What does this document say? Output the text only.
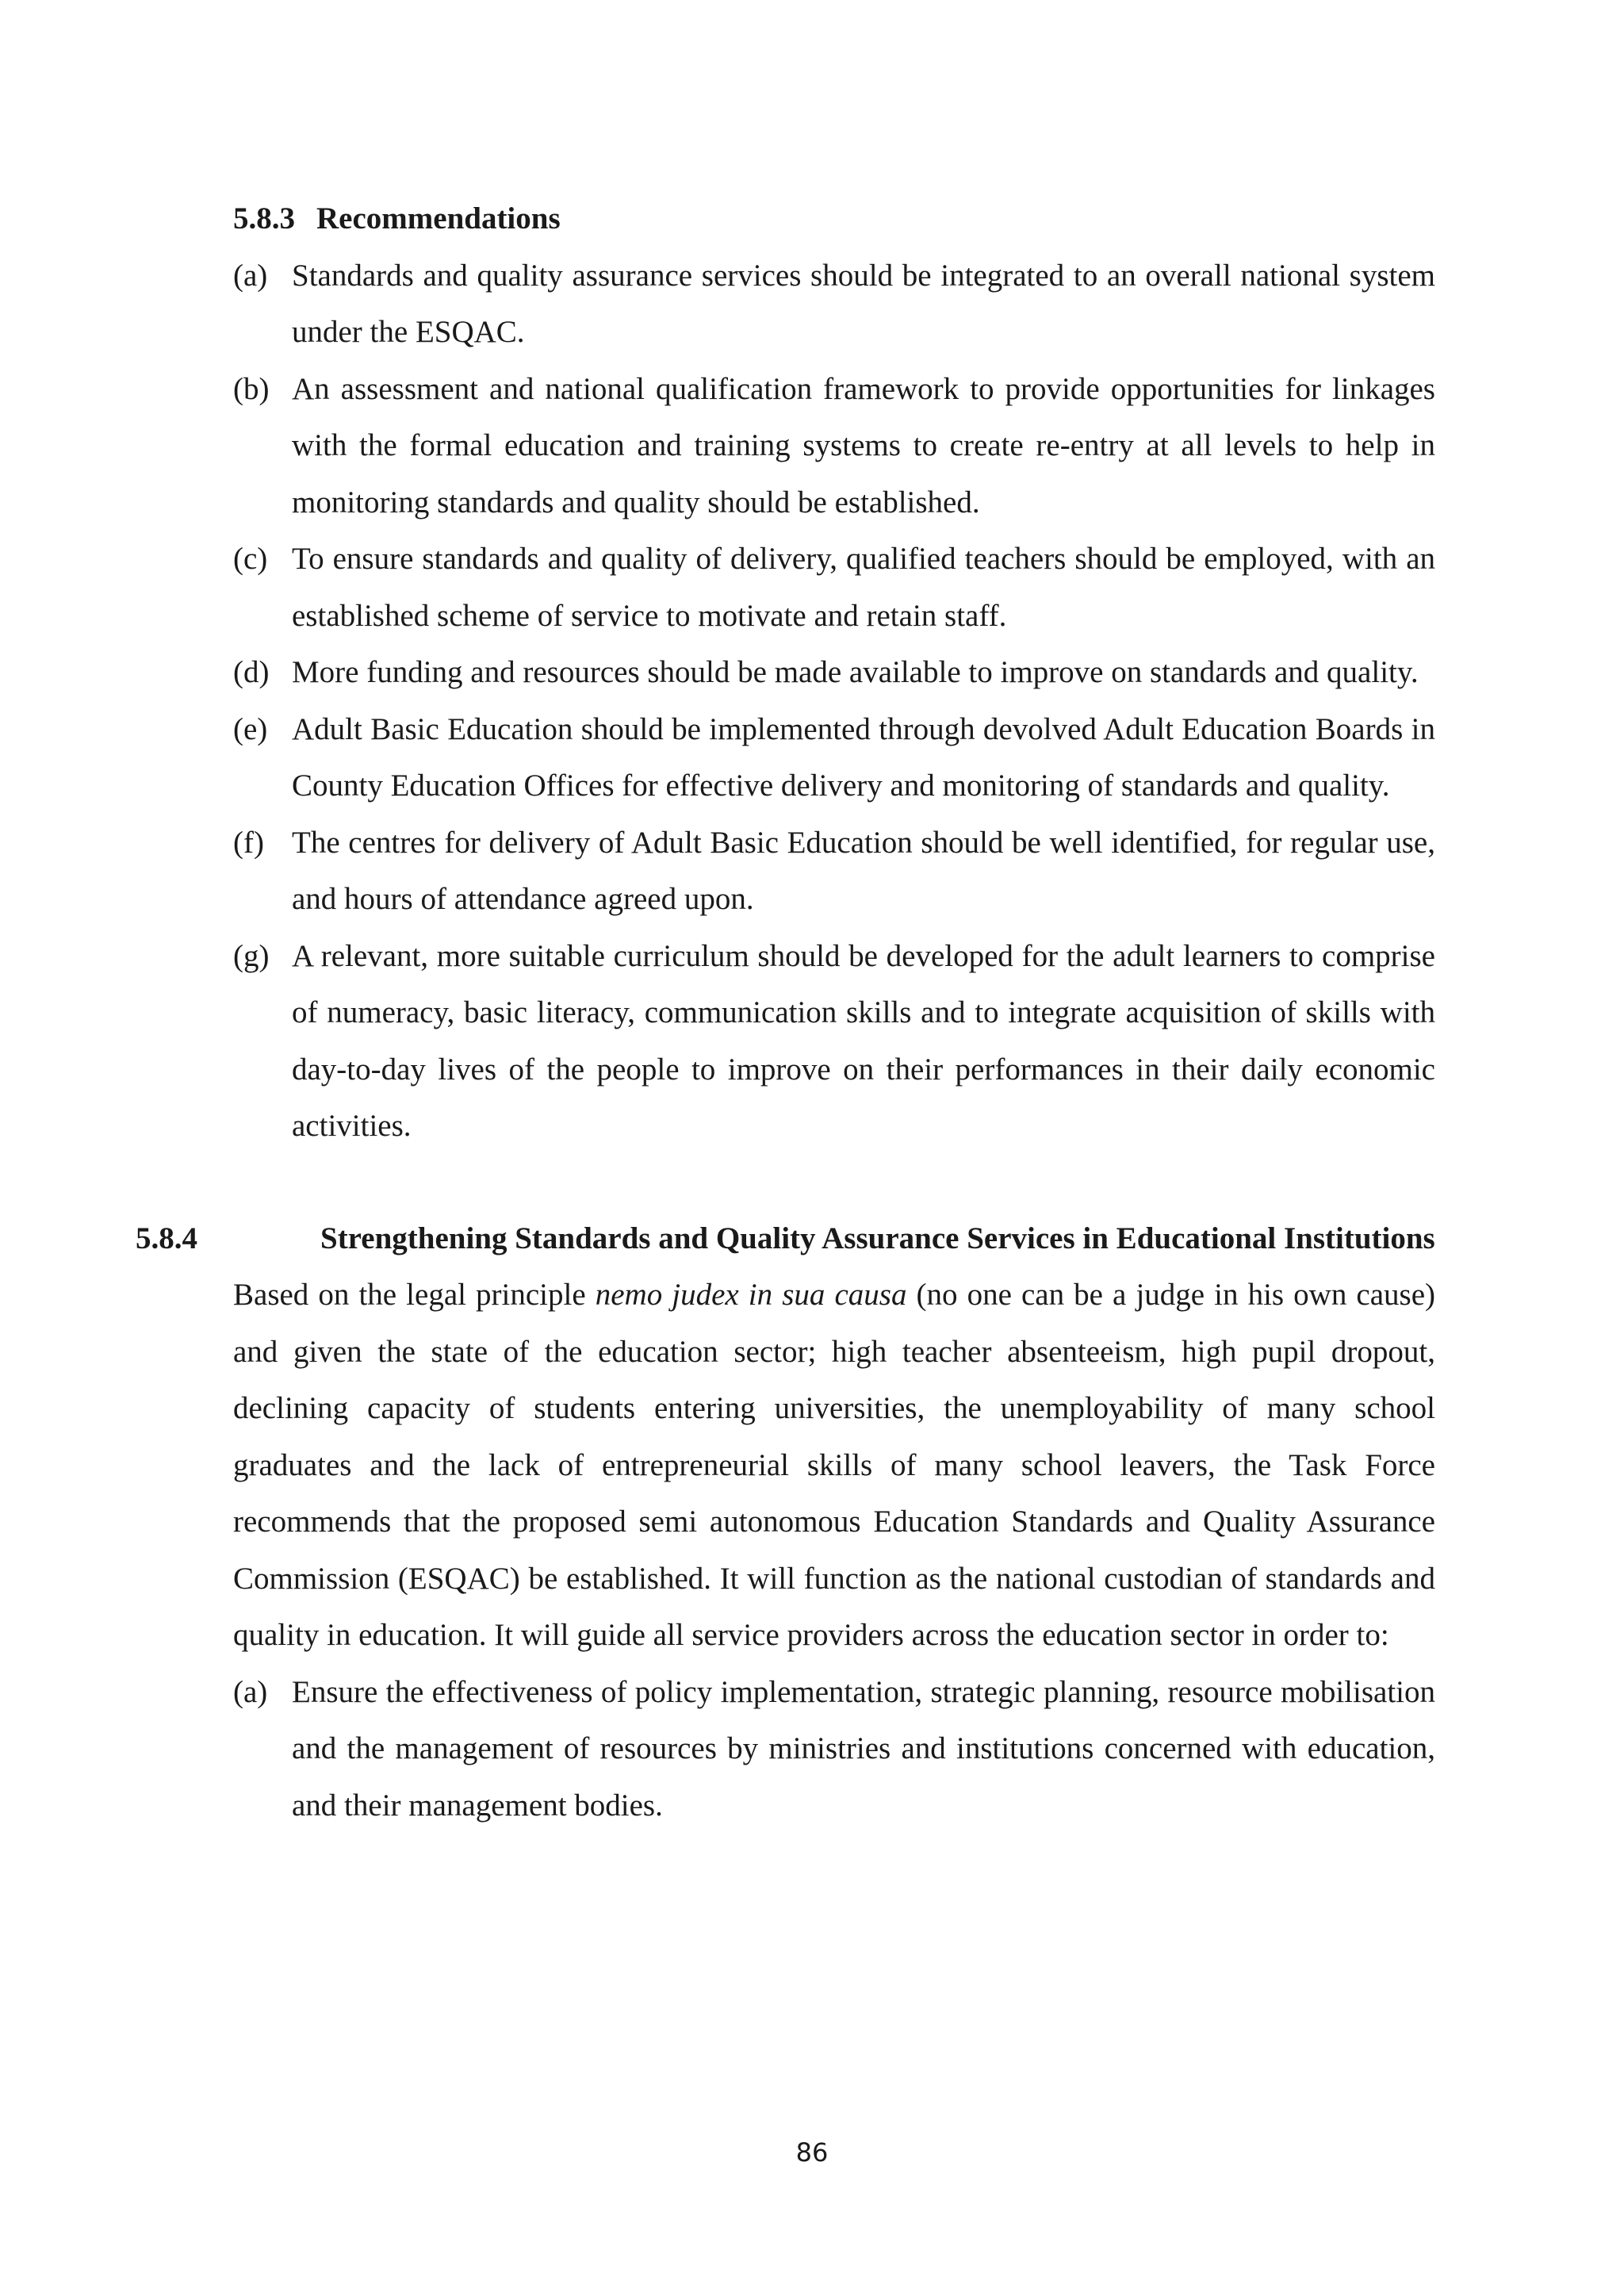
5.8.3 Recommendations
(a) Standards and quality assurance services should be integrated to an overall national system under the ESQAC.
(b) An assessment and national qualification framework to provide opportunities for linkages with the formal education and training systems to create re-entry at all levels to help in monitoring standards and quality should be established.
(c) To ensure standards and quality of delivery, qualified teachers should be employed, with an established scheme of service to motivate and retain staff.
(d) More funding and resources should be made available to improve on standards and quality.
(e) Adult Basic Education should be implemented through devolved Adult Education Boards in County Education Offices for effective delivery and monitoring of standards and quality.
(f) The centres for delivery of Adult Basic Education should be well identified, for regular use, and hours of attendance agreed upon.
(g) A relevant, more suitable curriculum should be developed for the adult learners to comprise of numeracy, basic literacy, communication skills and to integrate acquisition of skills with day-to-day lives of the people to improve on their performances in their daily economic activities.
5.8.4	Strengthening Standards and Quality Assurance Services in Educational Institutions

Based on the legal principle nemo judex in sua causa (no one can be a judge in his own cause) and given the state of the education sector; high teacher absenteeism, high pupil dropout, declining capacity of students entering universities, the unemployability of many school graduates and the lack of entrepreneurial skills of many school leavers, the Task Force recommends that the proposed semi autonomous Education Standards and Quality Assurance Commission (ESQAC) be established. It will function as the national custodian of standards and quality in education. It will guide all service providers across the education sector in order to:

(a) Ensure the effectiveness of policy implementation, strategic planning, resource mobilisation and the management of resources by ministries and institutions concerned with education, and their management bodies.
86
